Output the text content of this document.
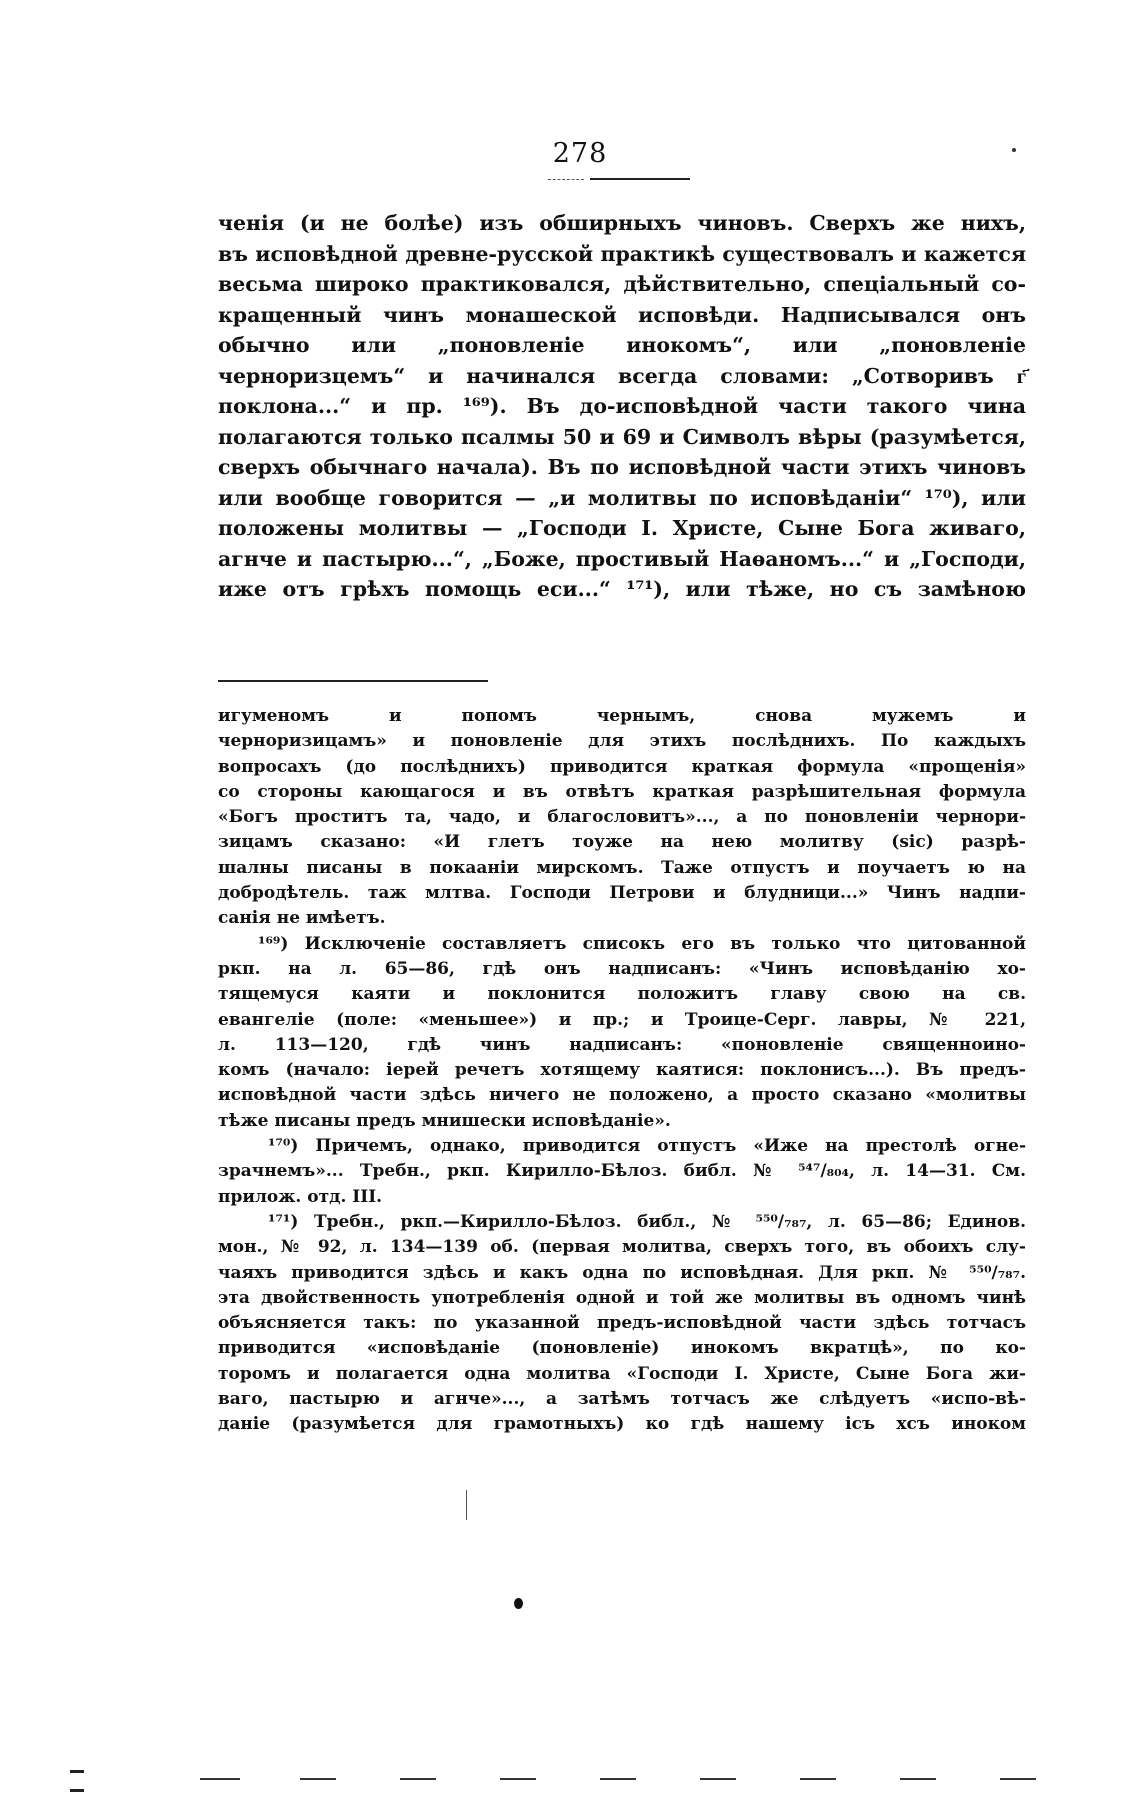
278
ченія (и не болѣе) изъ обширныхъ чиновъ. Сверхъ же нихъ,
въ исповѣдной древне-русской практикѣ существовалъ и кажется
весьма широко практиковался, дѣйствительно, спеціальный со-
кращенный чинъ монашеской исповѣди. Надписывался онъ
обычно или „поновленіе инокомъ“, или „поновленіе
черноризцемъ“ и начинался всегда словами: „Сотворивъ г҃
поклона...“ и пр. ¹⁶⁹). Въ до-исповѣдной части такого чина
полагаются только псалмы 50 и 69 и Символъ вѣры (разумѣется,
сверхъ обычнаго начала). Въ по исповѣдной части этихъ чиновъ
или вообще говорится — „и молитвы по исповѣданіи“ ¹⁷⁰), или
положены молитвы — „Господи І. Христе, Сыне Бога живаго,
агнче и пастырю...“, „Боже, простивый Наѳаномъ...“ и „Господи,
иже отъ грѣхъ помощь еси...“ ¹⁷¹), или тѣже, но съ замѣною
игуменомъ и попомъ чернымъ, снова мужемъ и
черноризицамъ» и поновленіе для этихъ послѣднихъ. По каждыхъ
вопросахъ (до послѣднихъ) приводится краткая формула «прощенія»
со стороны кающагося и въ отвѣтъ краткая разрѣшительная формула
«Богъ проститъ та, чадо, и благословитъ»..., а по поновленіи чернори-
зицамъ сказано: «И глетъ тоуже на нею молитву (sic) разрѣ-
шалны писаны в покааніи мирскомъ. Таже отпустъ и поучаетъ ю на
добродѣтель. таж млтва. Господи Петрови и блудници...» Чинъ надпи-
санія не имѣетъ.
¹⁶⁹) Исключеніе составляетъ списокъ его въ только что цитованной
ркп. на л. 65—86, гдѣ онъ надписанъ: «Чинъ исповѣданію хо-
тящемуся каяти и поклонится положитъ главу свою на св.
евангеліе (поле: «меньшее») и пр.; и Троице-Серг. лавры, № 221,
л. 113—120, гдѣ чинъ надписанъ: «поновленіе священноино-
комъ (начало: іерей речетъ хотящему каятися: поклонисъ...). Въ предъ-
исповѣдной части здѣсь ничего не положено, а просто сказано «молитвы
тѣже писаны предъ мнишески исповѣданіе».
¹⁷⁰) Причемъ, однако, приводится отпустъ «Иже на престолѣ огнe-
зрачнемъ»... Требн., ркп. Кирилло-Бѣлоз. библ. № ⁵⁴⁷/₈₀₄, л. 14—31. См.
прилож. отд. III.
¹⁷¹) Требн., ркп.—Кирилло-Бѣлоз. библ., № ⁵⁵⁰/₇₈₇, л. 65—86; Единов.
мон., № 92, л. 134—139 об. (первая молитва, сверхъ того, въ обоихъ слу-
чаяхъ приводится здѣсь и какъ одна по исповѣдная. Для ркп. № ⁵⁵⁰/₇₈₇.
эта двойственность употребленія одной и той же молитвы въ одномъ чинѣ
объясняется такъ: по указанной предъ-исповѣдной части здѣсь тотчасъ
приводится «исповѣданіе (поновленіе) инокомъ вкратцѣ», по ко-
торомъ и полагается одна молитва «Господи І. Христе, Сыне Бога жи-
ваго, пастырю и агнче»..., а затѣмъ тотчасъ же слѣдуетъ «испо-вѣ-
даніе (разумѣется для грамотныхъ) ко гдѣ нашему ісъ хсъ иноком
